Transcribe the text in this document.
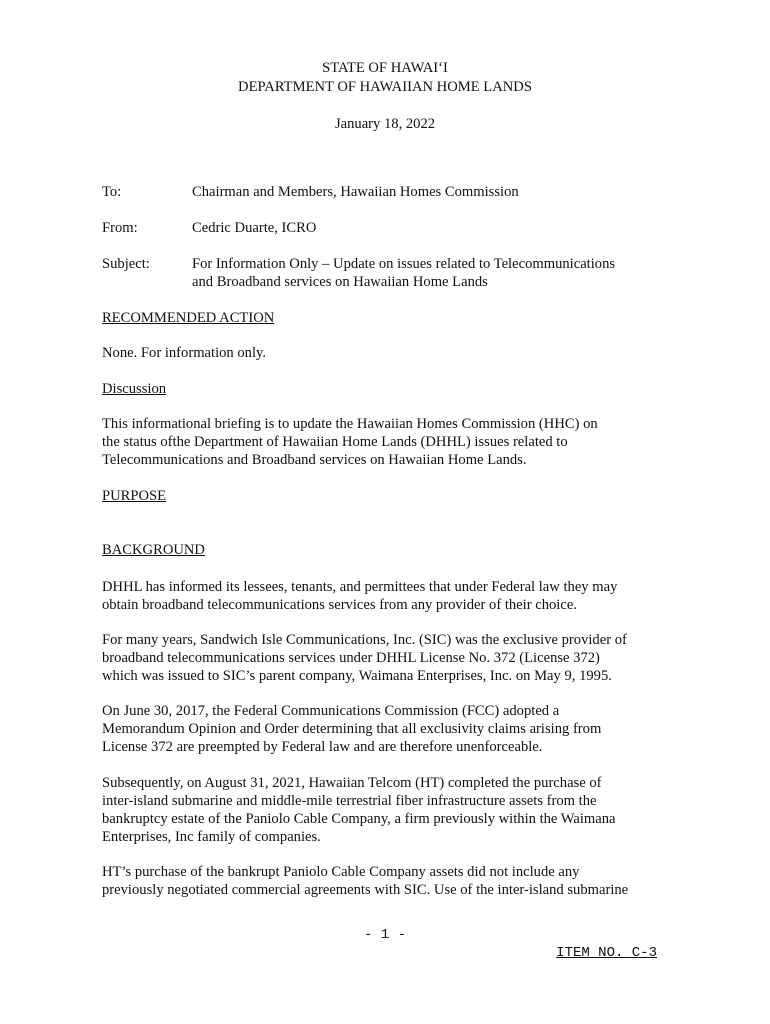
STATE OF HAWAI‘I
DEPARTMENT OF HAWAIIAN HOME LANDS
January 18, 2022
To:	Chairman and Members, Hawaiian Homes Commission
From:	Cedric Duarte, ICRO
Subject:	For Information Only – Update on issues related to Telecommunications
and Broadband services on Hawaiian Home Lands
RECOMMENDED ACTION
None. For information only.
Discussion
This informational briefing is to update the Hawaiian Homes Commission (HHC) on
the status ofthe Department of Hawaiian Home Lands (DHHL) issues related to
Telecommunications and Broadband services on Hawaiian Home Lands.
PURPOSE
BACKGROUND
DHHL has informed its lessees, tenants, and permittees that under Federal law they may
obtain broadband telecommunications services from any provider of their choice.
For many years, Sandwich Isle Communications, Inc. (SIC) was the exclusive provider of
broadband telecommunications services under DHHL License No. 372 (License 372)
which was issued to SIC’s parent company, Waimana Enterprises, Inc. on May 9, 1995.
On June 30, 2017, the Federal Communications Commission (FCC) adopted a
Memorandum Opinion and Order determining that all exclusivity claims arising from
License 372 are preempted by Federal law and are therefore unenforceable.
Subsequently, on August 31, 2021, Hawaiian Telcom (HT) completed the purchase of
inter-island submarine and middle-mile terrestrial fiber infrastructure assets from the
bankruptcy estate of the Paniolo Cable Company, a firm previously within the Waimana
Enterprises, Inc family of companies.
HT’s purchase of the bankrupt Paniolo Cable Company assets did not include any
previously negotiated commercial agreements with SIC. Use of the inter-island submarine
- 1 -
ITEM NO. C-3
